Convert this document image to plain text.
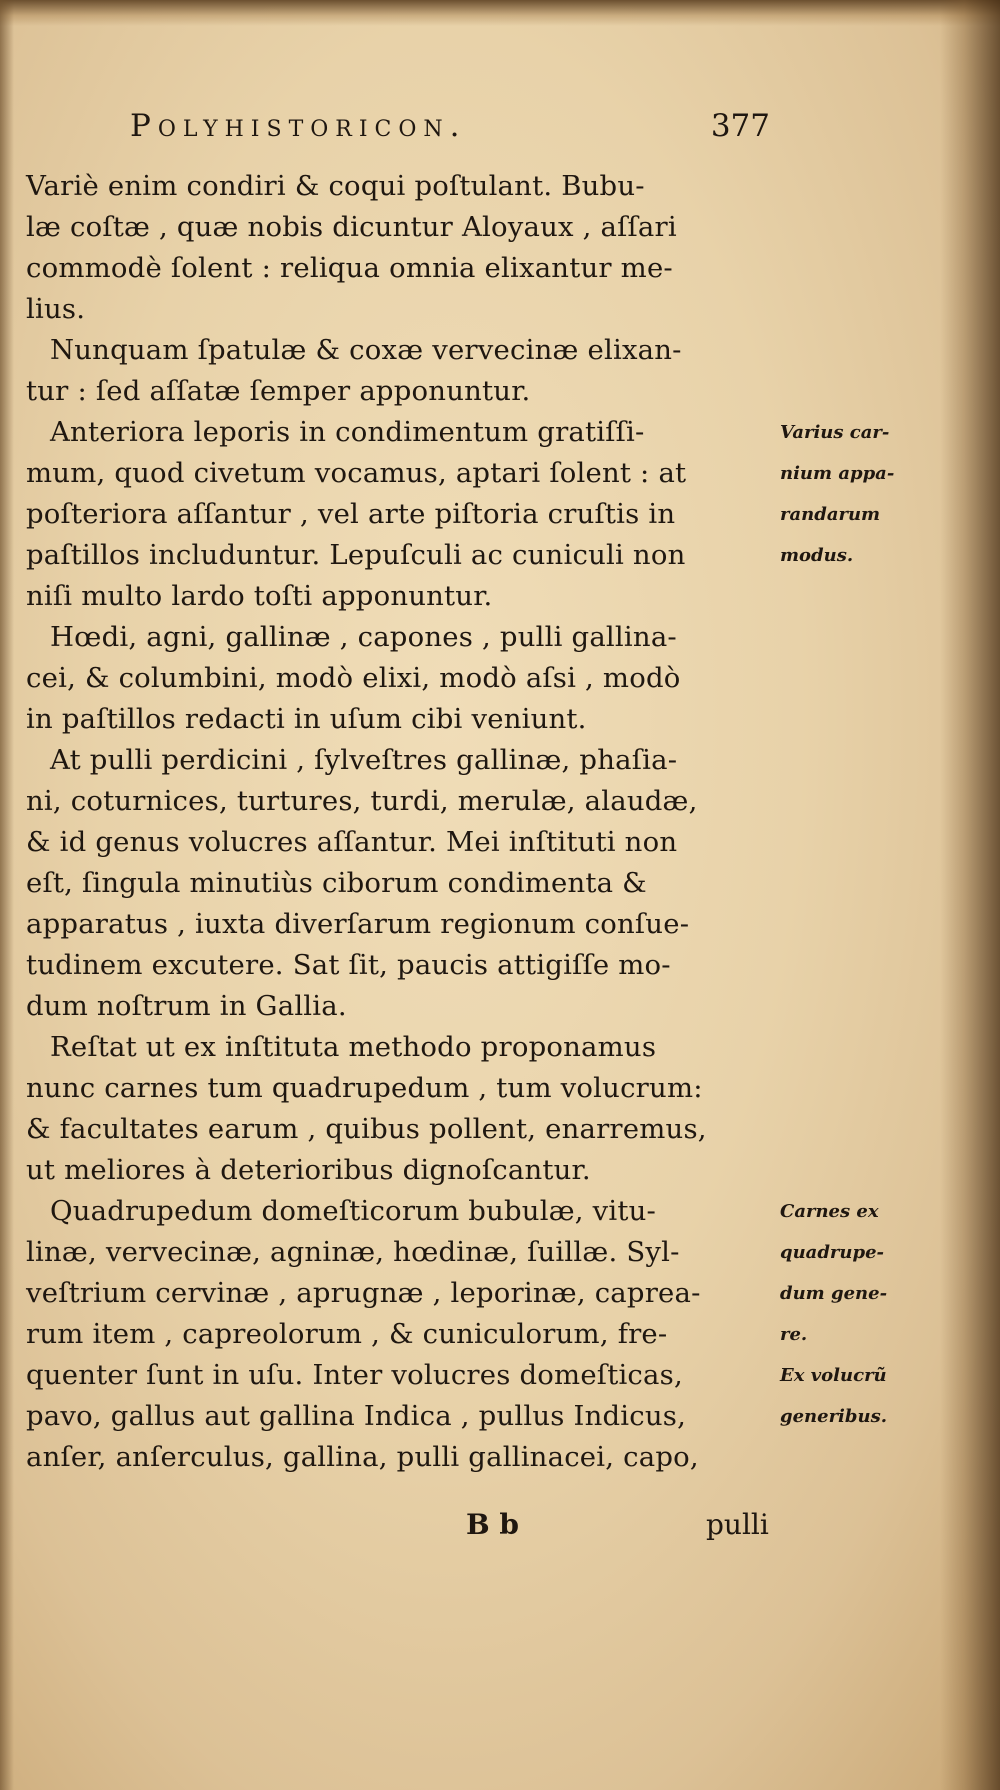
Polyhistoricon.	377
Variè enim condiri & coqui poſtulant. Bubu-
læ coſtæ , quæ nobis dicuntur Aloyaux , aſſari
commodè ſolent : reliqua omnia elixantur me-
lius.
Nunquam ſpatulæ & coxæ vervecinæ elixan-
tur : ſed aſſatæ ſemper apponuntur.
Anteriora leporis in condimentum gratiſſi-
mum, quod civetum vocamus, aptari ſolent : at
poſteriora aſſantur , vel arte piſtoria cruſtis in
paſtillos includuntur. Lepuſculi ac cuniculi non
niſi multo lardo toſti apponuntur.
Hœdi, agni, gallinæ , capones , pulli gallina-
cei, & columbini, modò elixi, modò aſsi , modò
in paſtillos redacti in uſum cibi veniunt.
At pulli perdicini , ſylveſtres gallinæ, phaſia-
ni, coturnices, turtures, turdi, merulæ, alaudæ,
& id genus volucres aſſantur. Mei inſtituti non
eſt, ſingula minutiùs ciborum condimenta &
apparatus , iuxta diverſarum regionum conſue-
tudinem excutere. Sat ſit, paucis attigiſſe mo-
dum noſtrum in Gallia.
Reſtat ut ex inſtituta methodo proponamus
nunc carnes tum quadrupedum , tum volucrum:
& facultates earum , quibus pollent, enarremus,
ut meliores à deterioribus dignoſcantur.
Quadrupedum domeſticorum bubulæ, vitu-
linæ, vervecinæ, agninæ, hœdinæ, ſuillæ. Syl-
veſtrium cervinæ , aprugnæ , leporinæ, caprea-
rum item , capreolorum , & cuniculorum, fre-
quenter ſunt in uſu. Inter volucres domeſticas,
pavo, gallus aut gallina Indica , pullus Indicus,
anſer, anſerculus, gallina, pulli gallinacei, capo,
Varius car-
nium appa-
randarum
modus.
Carnes ex
quadrupe-
dum gene-
re.
Ex volucrũ
generibus.
B b	pulli
